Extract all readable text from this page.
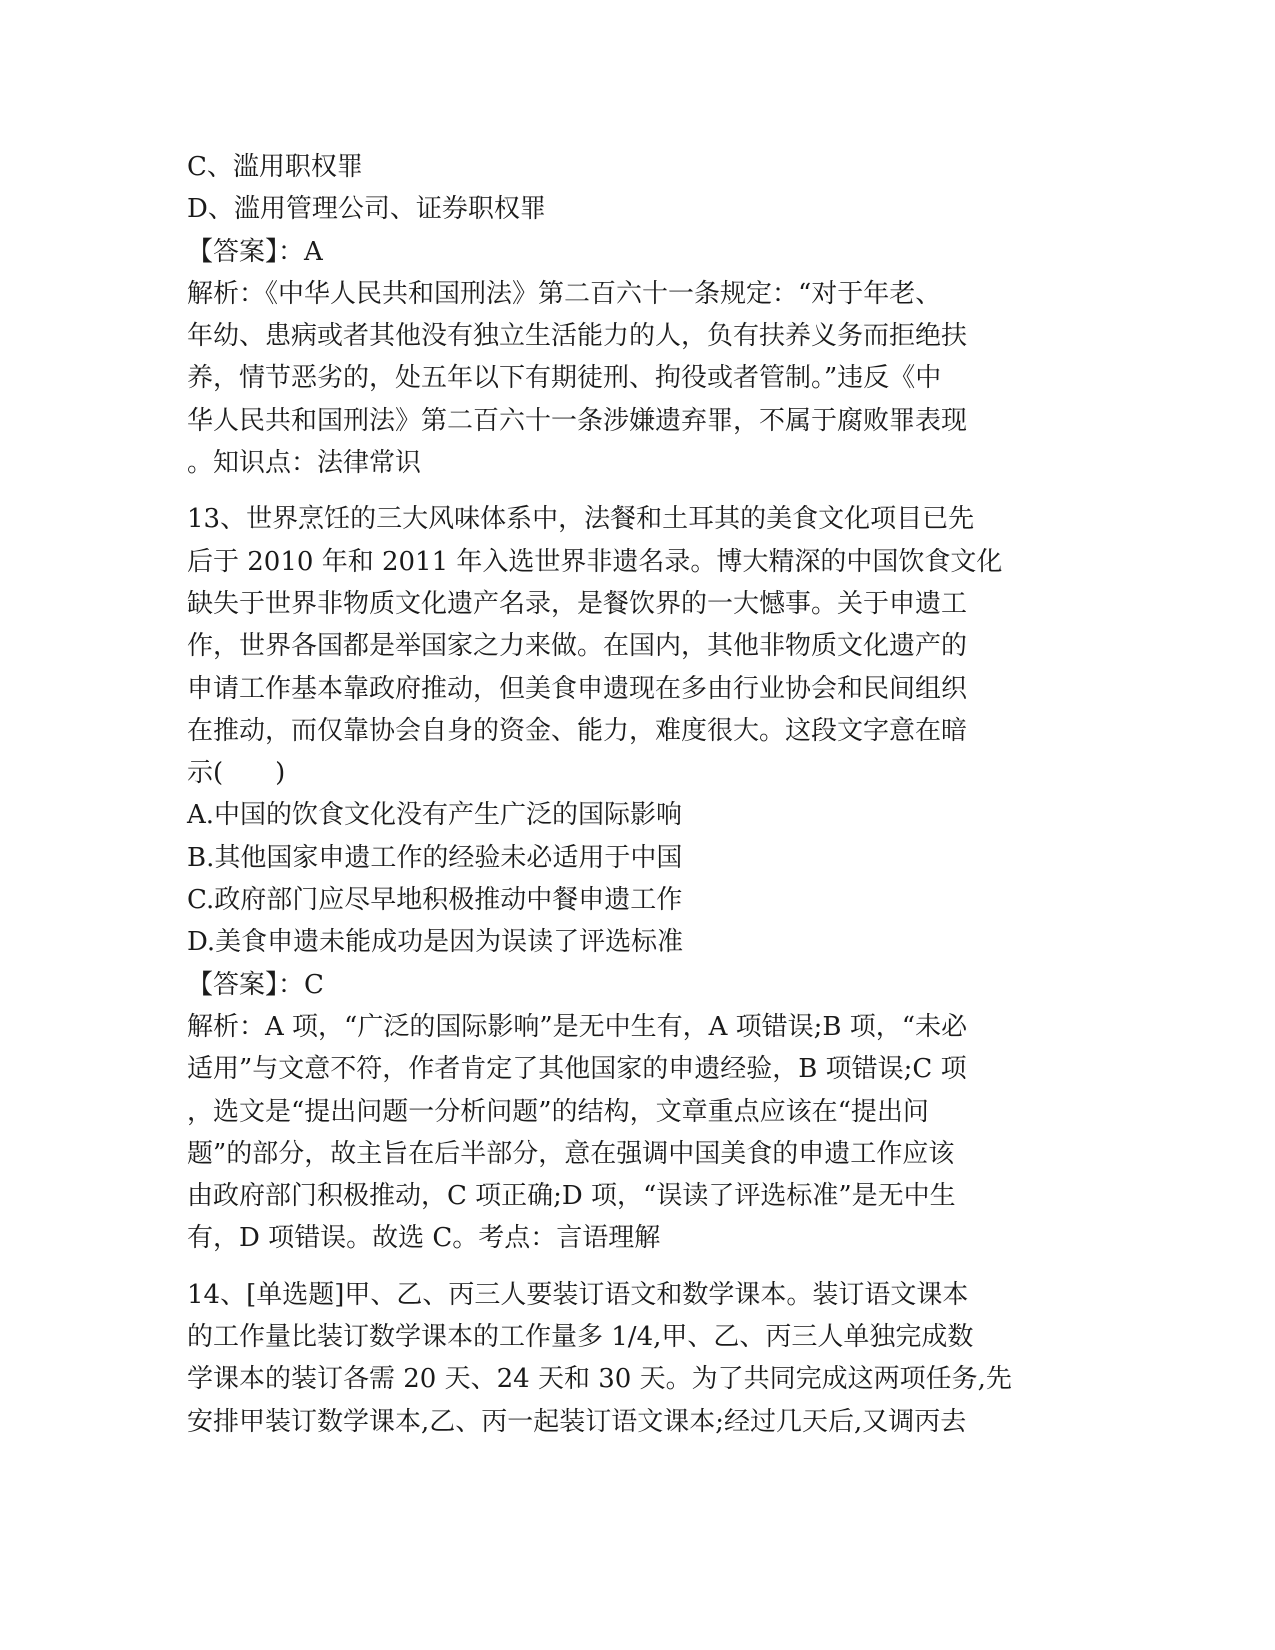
C、滥用职权罪
D、滥用管理公司、证券职权罪
【答案】：A
解析：《中华人民共和国刑法》第二百六十一条规定：“对于年老、
年幼、患病或者其他没有独立生活能力的人，负有扶养义务而拒绝扶
养，情节恶劣的，处五年以下有期徒刑、拘役或者管制。”违反《中
华人民共和国刑法》第二百六十一条涉嫌遗弃罪，不属于腐败罪表现
。知识点：法律常识
13、世界烹饪的三大风味体系中，法餐和土耳其的美食文化项目已先
后于 2010 年和 2011 年入选世界非遗名录。博大精深的中国饮食文化
缺失于世界非物质文化遗产名录，是餐饮界的一大憾事。关于申遗工
作，世界各国都是举国家之力来做。在国内，其他非物质文化遗产的
申请工作基本靠政府推动，但美食申遗现在多由行业协会和民间组织
在推动，而仅靠协会自身的资金、能力，难度很大。这段文字意在暗
示(　　)
A.中国的饮食文化没有产生广泛的国际影响
B.其他国家申遗工作的经验未必适用于中国
C.政府部门应尽早地积极推动中餐申遗工作
D.美食申遗未能成功是因为误读了评选标准
【答案】：C
解析：A 项，“广泛的国际影响”是无中生有，A 项错误;B 项，“未必
适用”与文意不符，作者肯定了其他国家的申遗经验，B 项错误;C 项
，选文是“提出问题一分析问题”的结构，文章重点应该在“提出问
题”的部分，故主旨在后半部分，意在强调中国美食的申遗工作应该
由政府部门积极推动，C 项正确;D 项，“误读了评选标准”是无中生
有，D 项错误。故选 C。考点：言语理解
14、[单选题]甲、乙、丙三人要装订语文和数学课本。装订语文课本
的工作量比装订数学课本的工作量多 1/4,甲、乙、丙三人单独完成数
学课本的装订各需 20 天、24 天和 30 天。为了共同完成这两项任务,先
安排甲装订数学课本,乙、丙一起装订语文课本;经过几天后,又调丙去
